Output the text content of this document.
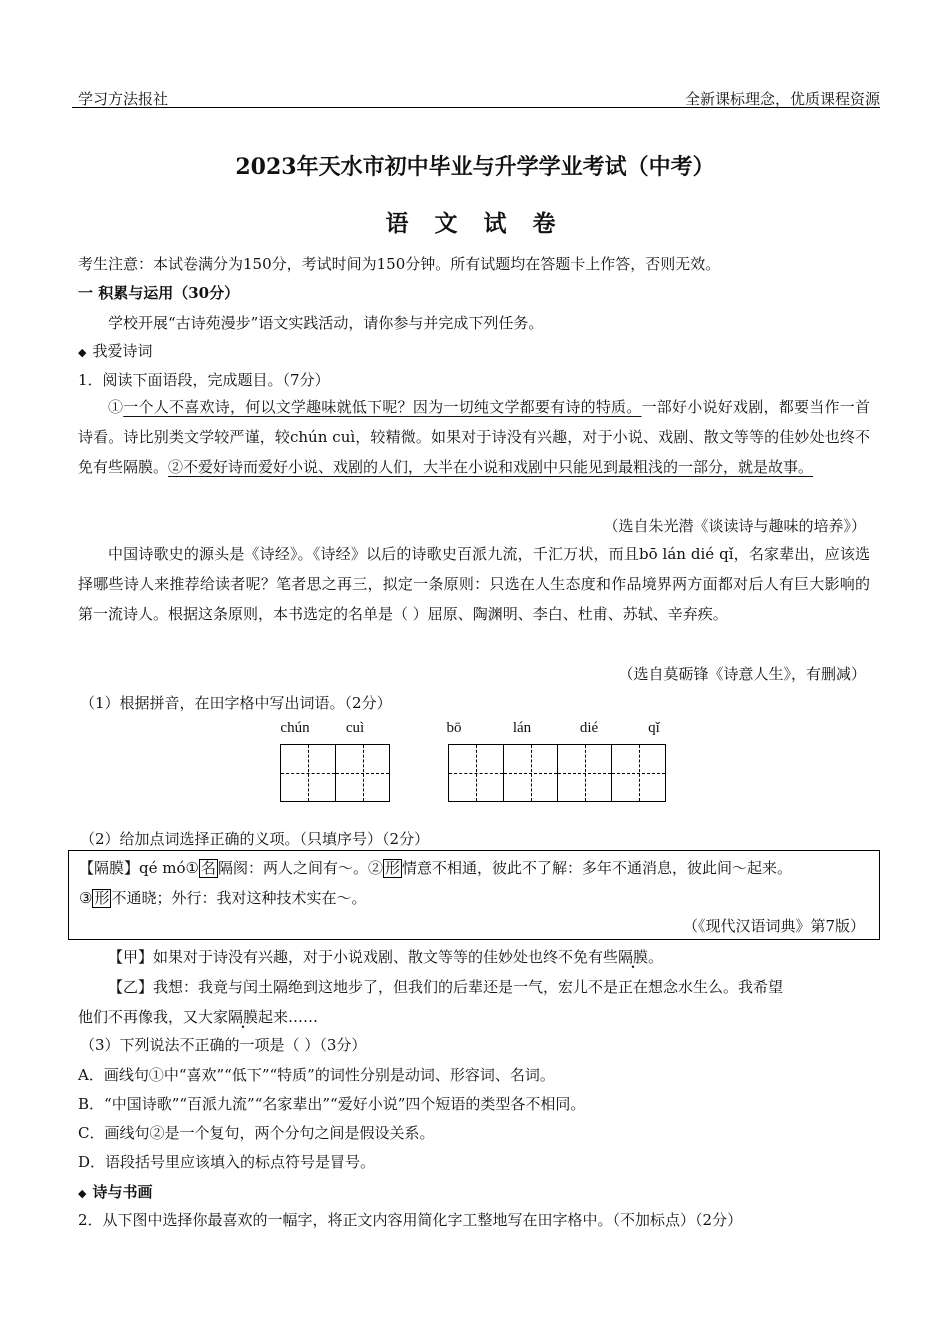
学习方法报社	全新课标理念，优质课程资源
2023年天水市初中毕业与升学学业考试（中考）
语 文 试 卷
考生注意：本试卷满分为150分，考试时间为150分钟。所有试题均在答题卡上作答，否则无效。
一 积累与运用（30分）
学校开展“古诗苑漫步”语文实践活动，请你参与并完成下列任务。
◆ 我爱诗词
1．阅读下面语段，完成题目。（7分）
①一个人不喜欢诗，何以文学趣味就低下呢？因为一切纯文学都要有诗的特质。一部好小说好戏剧，都要当作一首诗看。诗比别类文学较严谨，较chún cuì，较精微。如果对于诗没有兴趣，对于小说、戏剧、散文等等的佳妙处也终不免有些隔膜。②不爱好诗而爱好小说、戏剧的人们，大半在小说和戏剧中只能见到最粗浅的一部分，就是故事。
（选自朱光潜《谈读诗与趣味的培养》）
中国诗歌史的源头是《诗经》。《诗经》以后的诗歌史百派九流，千汇万状，而且bō lán dié qǐ，名家辈出，应该选择哪些诗人来推荐给读者呢？笔者思之再三，拟定一条原则：只选在人生态度和作品境界两方面都对后人有巨大影响的第一流诗人。根据这条原则，本书选定的名单是（ ）屈原、陶渊明、李白、杜甫、苏轼、辛弃疾。
（选自莫砺锋《诗意人生》，有删减）
（1）根据拼音，在田字格中写出词语。（2分）
chún	cuì	bō	lán	dié	qǐ
（2）给加点词选择正确的义项。（只填序号）（2分）
【隔膜】qé mó① 名 隔阂：两人之间有～。② 形 情意不相通，彼此不了解：多年不通消息，彼此间～起来。
③ 形 不通晓；外行：我对这种技术实在～。
（《现代汉语词典》第7版）
【甲】如果对于诗没有兴趣，对于小说戏剧、散文等等的佳妙处也终不免有些隔膜。
【乙】我想：我竟与闰土隔绝到这地步了，但我们的后辈还是一气，宏儿不是正在想念水生么。我希望
他们不再像我，又大家隔膜起来……
（3）下列说法不正确的一项是（ ）（3分）
A．画线句①中“喜欢”“低下”“特质”的词性分别是动词、形容词、名词。
B．“中国诗歌”“百派九流”“名家辈出”“爱好小说”四个短语的类型各不相同。
C．画线句②是一个复句，两个分句之间是假设关系。
D．语段括号里应该填入的标点符号是冒号。
◆ 诗与书画
2．从下图中选择你最喜欢的一幅字，将正文内容用简化字工整地写在田字格中。（不加标点）（2分）
